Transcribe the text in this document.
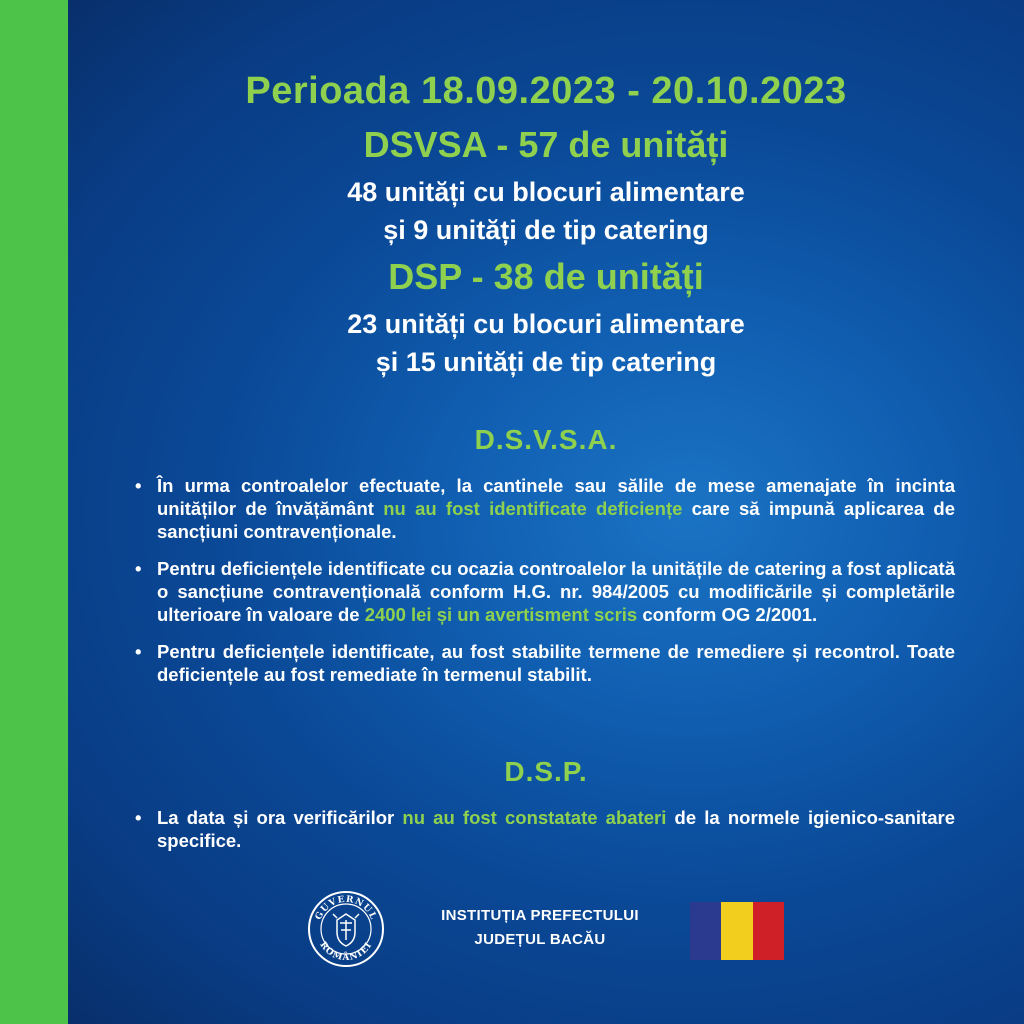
Perioada 18.09.2023 - 20.10.2023
DSVSA - 57 de unități
48 unități cu blocuri alimentare
și 9 unități de tip catering
DSP - 38 de unități
23 unități cu blocuri alimentare
și 15 unități de tip catering
D.S.V.S.A.
• În urma controalelor efectuate, la cantinele sau sălile de mese amenajate în incinta unităților de învățământ nu au fost identificate deficiențe care să impună aplicarea de sancțiuni contravenționale.
• Pentru deficiențele identificate cu ocazia controalelor la unitățile de catering a fost aplicată o sancțiune contravențională conform H.G. nr. 984/2005 cu modificările și completările ulterioare în valoare de 2400 lei și un avertisment scris conform OG 2/2001.
• Pentru deficiențele identificate, au fost stabilite termene de remediere și recontrol. Toate deficiențele au fost remediate în termenul stabilit.
D.S.P.
• La data și ora verificărilor nu au fost constatate abateri de la normele igienico-sanitare specifice.
GUVERNUL
ROMÂNIEI
INSTITUȚIA PREFECTULUI
JUDEȚUL BACĂU
